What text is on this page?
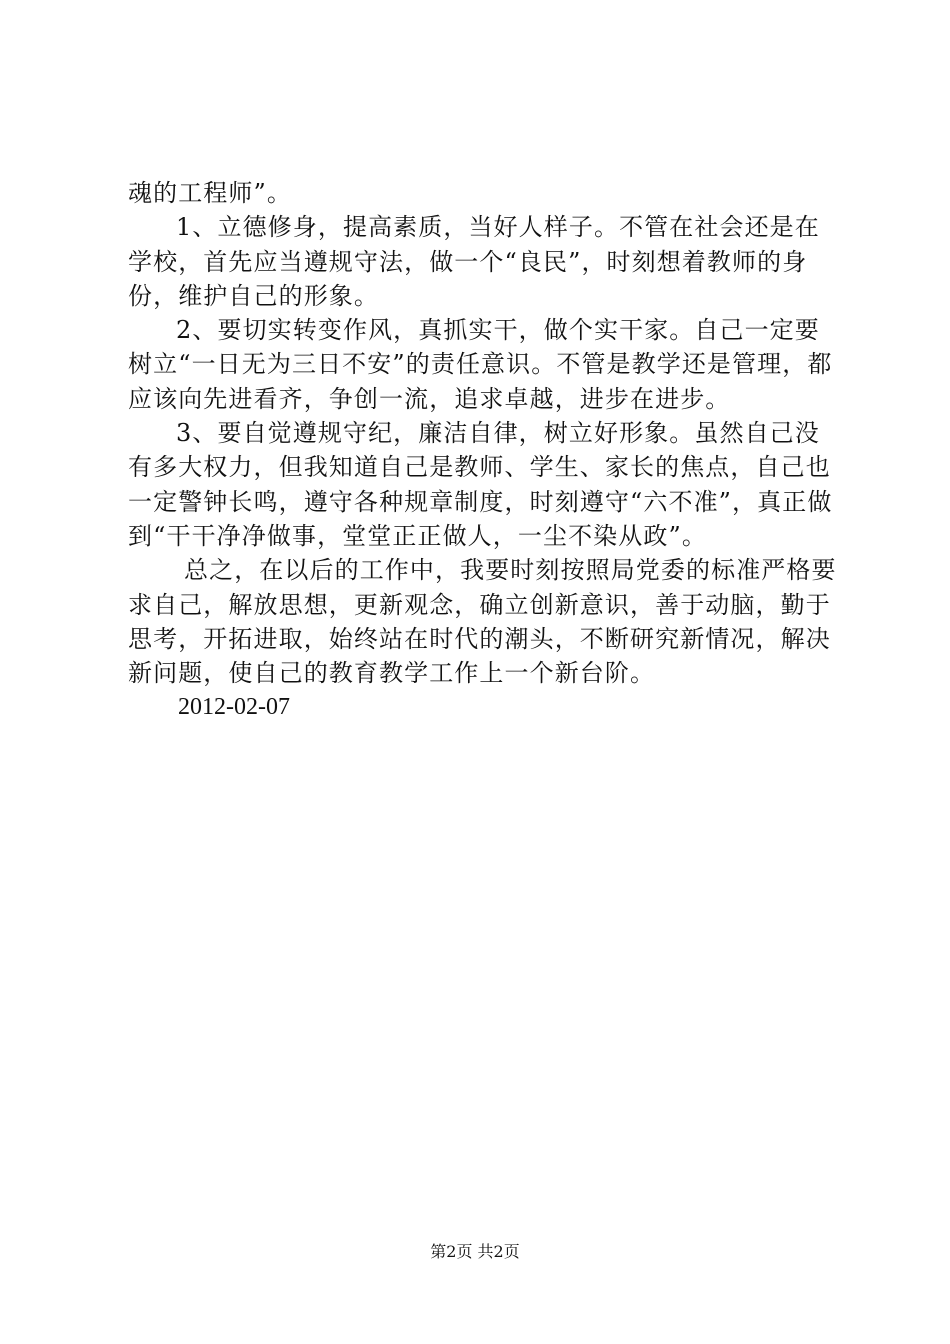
魂的工程师”。

1、立德修身，提高素质，当好人样子。不管在社会还是在学校，首先应当遵规守法，做一个“良民”，时刻想着教师的身份，维护自己的形象。

2、要切实转变作风，真抓实干，做个实干家。自己一定要树立“一日无为三日不安”的责任意识。不管是教学还是管理，都应该向先进看齐，争创一流，追求卓越，进步在进步。

3、要自觉遵规守纪，廉洁自律，树立好形象。虽然自己没有多大权力，但我知道自己是教师、学生、家长的焦点，自己也一定警钟长鸣，遵守各种规章制度，时刻遵守“六不准”，真正做到“干干净净做事，堂堂正正做人，一尘不染从政”。

总之，在以后的工作中，我要时刻按照局党委的标准严格要求自己，解放思想，更新观念，确立创新意识，善于动脑，勤于思考，开拓进取，始终站在时代的潮头，不断研究新情况，解决新问题，使自己的教育教学工作上一个新台阶。

2012-02-07

第2页 共2页
